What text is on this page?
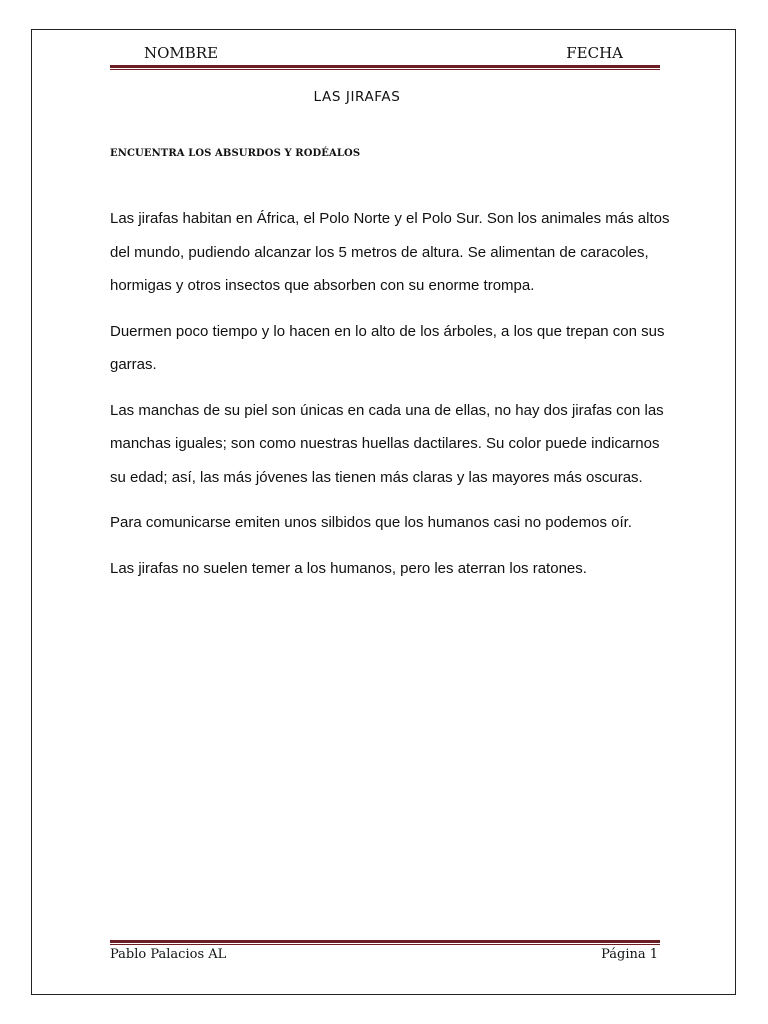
NOMBRE	FECHA
LAS JIRAFAS
ENCUENTRA LOS ABSURDOS Y RODÉALOS

Las jirafas habitan en África, el Polo Norte y el Polo Sur. Son los animales más altos del mundo, pudiendo alcanzar los 5 metros de altura. Se alimentan de caracoles, hormigas y otros insectos que absorben con su enorme trompa.

Duermen poco tiempo y lo hacen en lo alto de los árboles, a los que trepan con sus garras.

Las manchas de su piel son únicas en cada una de ellas, no hay dos jirafas con las manchas iguales; son como nuestras huellas dactilares. Su color puede indicarnos su edad; así, las más jóvenes las tienen más claras y las mayores más oscuras.

Para comunicarse emiten unos silbidos que los humanos casi no podemos oír.

Las jirafas no suelen temer a los humanos, pero les aterran los ratones.

Pablo Palacios AL	Página 1
